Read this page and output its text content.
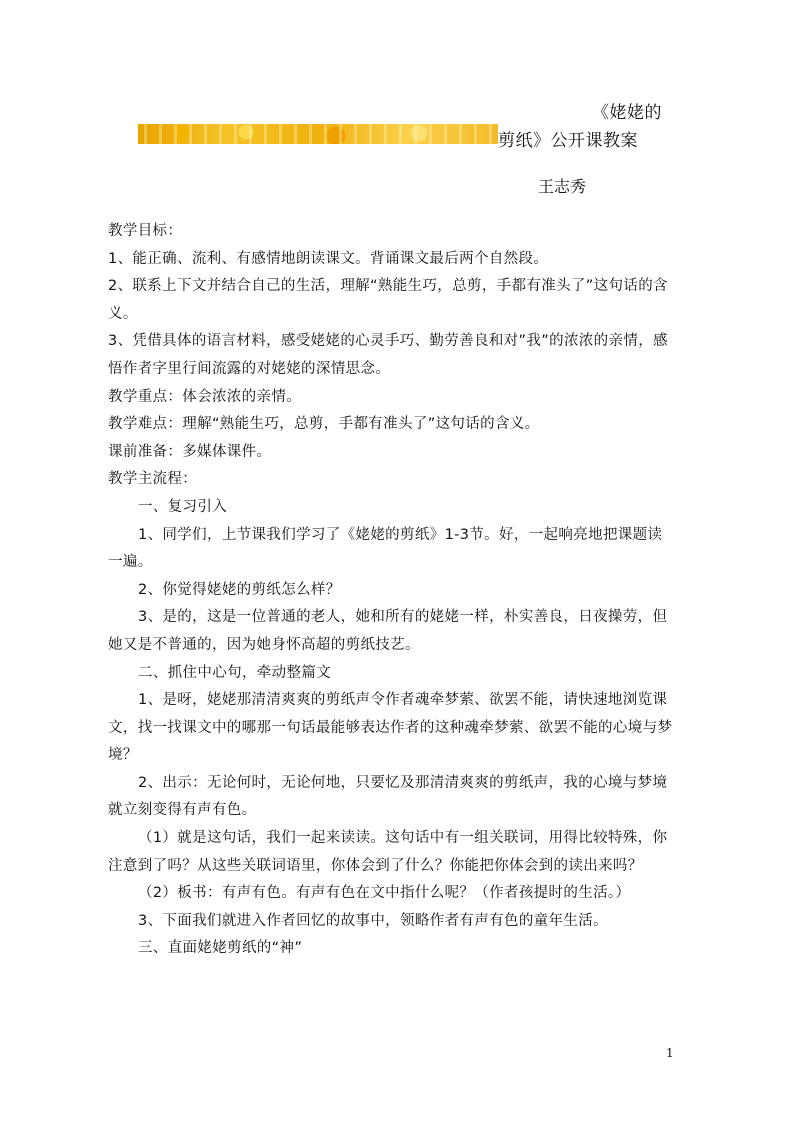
《姥姥的
剪纸》公开课教案
王志秀

教学目标：

1、能正确、流利、有感情地朗读课文。背诵课文最后两个自然段。

2、联系上下文并结合自己的生活，理解“熟能生巧，总剪，手都有准头了”这句话的含义。

3、凭借具体的语言材料，感受姥姥的心灵手巧、勤劳善良和对”我”的浓浓的亲情，感悟作者字里行间流露的对姥姥的深情思念。

教学重点：体会浓浓的亲情。

教学难点：理解“熟能生巧，总剪，手都有准头了”这句话的含义。

课前准备：多媒体课件。

教学主流程：

一、复习引入

1、同学们，上节课我们学习了《姥姥的剪纸》1-3节。好，一起响亮地把课题读一遍。

2、你觉得姥姥的剪纸怎么样？

3、是的，这是一位普通的老人，她和所有的姥姥一样，朴实善良，日夜操劳，但她又是不普通的，因为她身怀高超的剪纸技艺。

二、抓住中心句，牵动整篇文

1、是呀，姥姥那清清爽爽的剪纸声令作者魂牵梦萦、欲罢不能，请快速地浏览课文，找一找课文中的哪那一句话最能够表达作者的这种魂牵梦萦、欲罢不能的心境与梦境？

2、出示：无论何时，无论何地，只要忆及那清清爽爽的剪纸声，我的心境与梦境就立刻变得有声有色。

（1）就是这句话，我们一起来读读。这句话中有一组关联词，用得比较特殊，你注意到了吗？从这些关联词语里，你体会到了什么？你能把你体会到的读出来吗？

（2）板书：有声有色。有声有色在文中指什么呢？（作者孩提时的生活。）

3、下面我们就进入作者回忆的故事中，领略作者有声有色的童年生活。

三、直面姥姥剪纸的“神”

1
